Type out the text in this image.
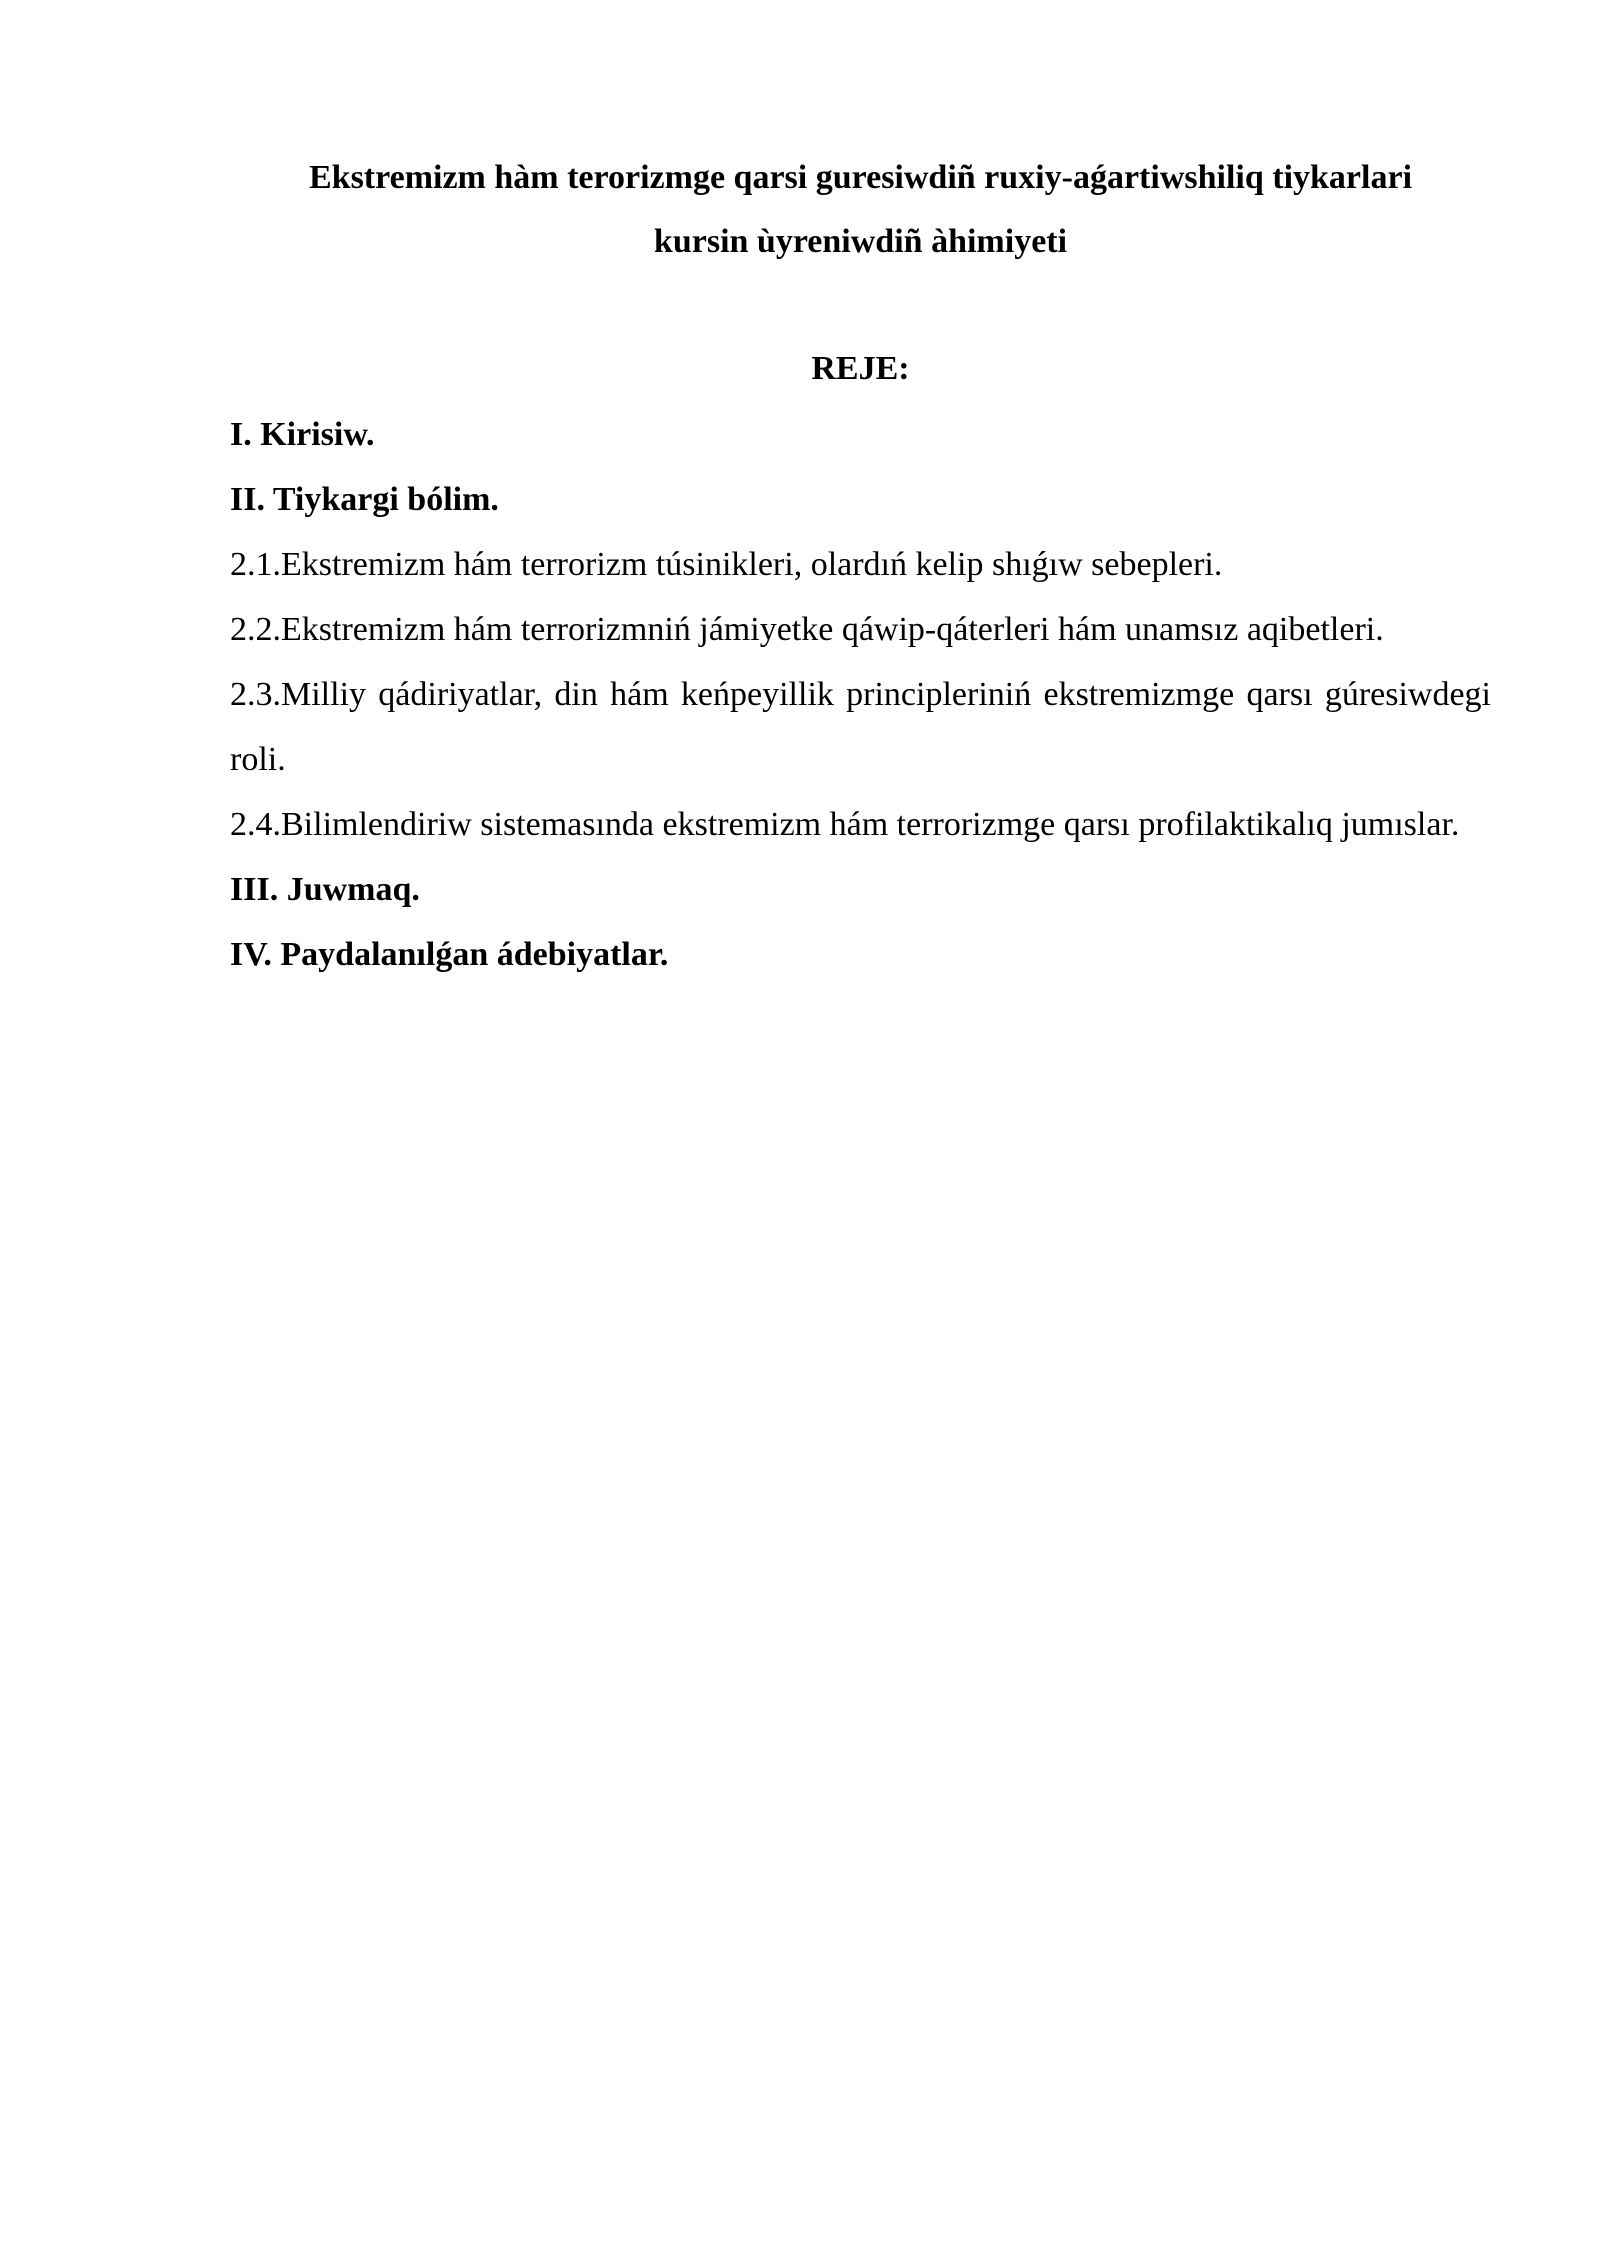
Ekstremizm hàm terorizmge qarsi guresiwdiñ ruxiy-aǵartiwshiliq tiykarlari
kursin ùyreniwdiñ àhimiyeti
REJE:

I. Kirisiw.

II. Tiykargi bólim.

2.1.Ekstremizm hám terrorizm túsinikleri, olardıń kelip shıǵıw sebepleri.

2.2.Ekstremizm hám terrorizmniń jámiyetke qáwip-qáterleri hám unamsız aqibetleri.

2.3.Milliy qádiriyatlar, din hám keńpeyillik principleriniń ekstremizmge qarsı gúresiwdegi roli.

2.4.Bilimlendiriw sistemasında ekstremizm hám terrorizmge qarsı profilaktikalıq jumıslar.

III. Juwmaq.

IV. Paydalanılǵan ádebiyatlar.
